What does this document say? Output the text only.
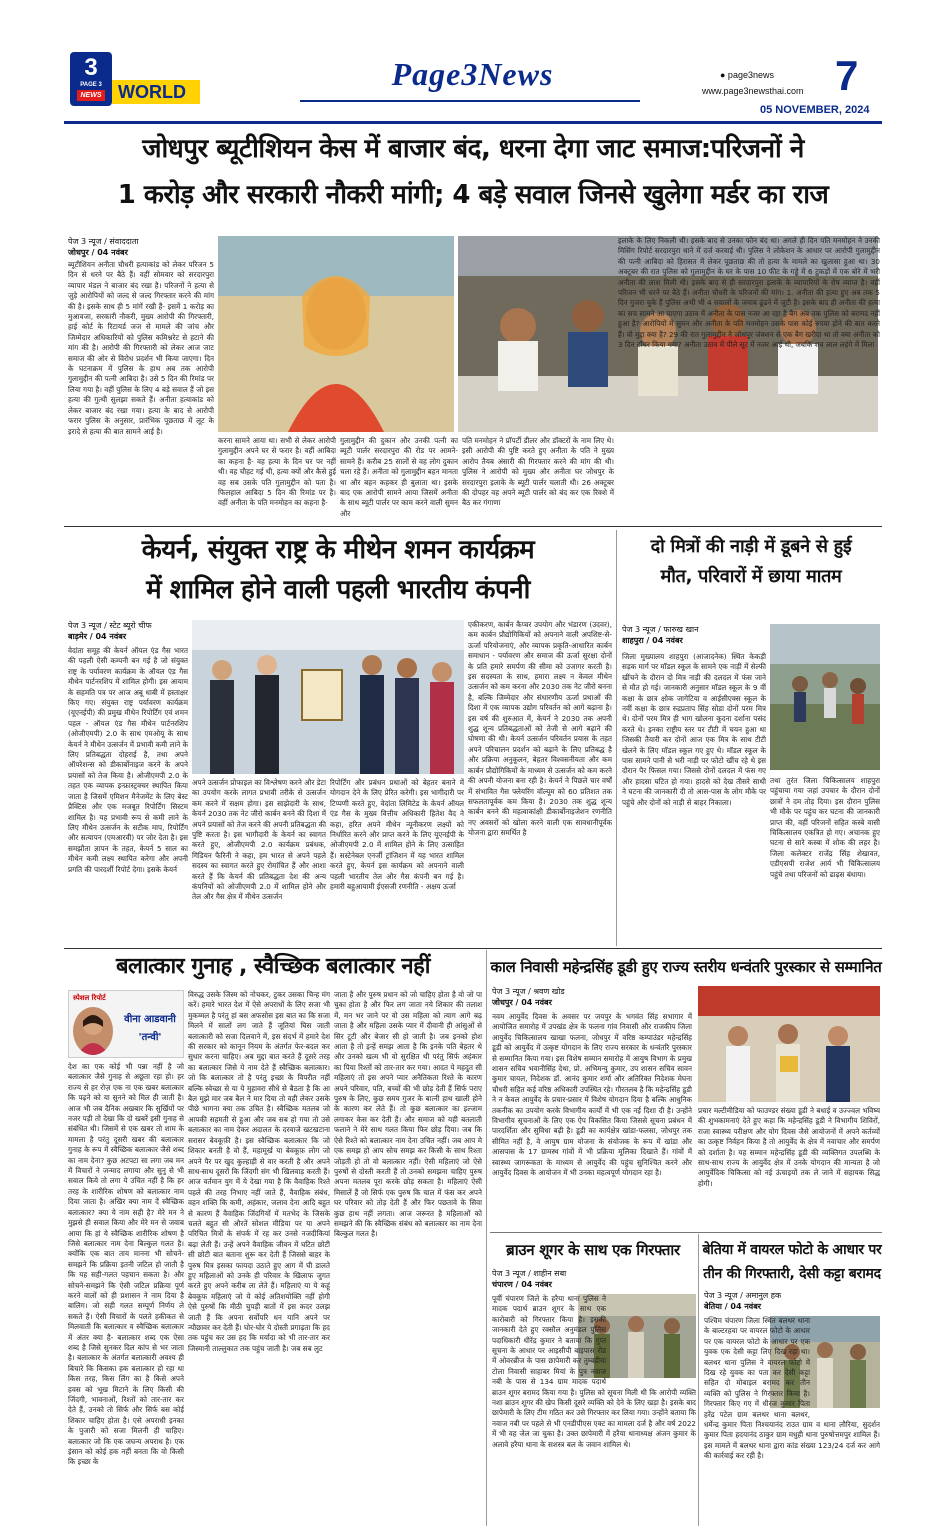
3
PAGE 3
NEWS WORLD	Page3News	● page3news
www.page3newsthai.com 7
05 NOVEMBER, 2024
जोधपुर ब्यूटीशियन केस में बाजार बंद, धरना देगा जाट समाज:परिजनों ने
1 करोड़ और सरकारी नौकरी मांगी; 4 बड़े सवाल जिनसे खुलेगा मर्डर का राज
पेज 3 न्यूज / संवाददाता
जोधपुर / 04 नवंबर
ब्यूटीशियन अनीता चौधरी हत्याकांड को लेकर परिजन 5 दिन से धरने पर बैठे हैं। वहीं सोमवार को सरदारपुरा व्यापार मंडल ने बाजार बंद रखा है। परिजनों ने हत्या से जुड़े आरोपियों को जल्द से जल्द गिरफ्तार करने की मांग की है। इसके साथ ही 5 मांगें रखी हैं- इसमें 1 करोड़ का मुआवजा, सरकारी नौकरी, मुख्य आरोपी की गिरफ्तारी, हाई कोर्ट के रिटायर्ड जज से मामले की जांच और जिम्मेदार अधिकारियों को पुलिस कमिश्नरेट से हटाने की मांग की है। आरोपी की गिरफ्तारी को लेकर आज जाट समाज की ओर से विरोध प्रदर्शन भी किया जाएगा। दिन के घटनाक्रम में पुलिस के हाथ अब तक आरोपी गुलामुद्दीन की पत्नी आबिदा है। उसे 5 दिन की रिमांड पर लिया गया है। वहीं पुलिस के लिए 4 बड़े सवाल हैं जो इस हत्या की गुत्थी सुलझा सकते हैं। अनीता हत्याकांड को लेकर बाजार बंद रखा गया। हत्या के बाद से आरोपी फरार पुलिस के अनुसार, प्रारंभिक पूछताछ में लूट के इरादे से हत्या की बात सामने आई है।
करना सामने आया था। सभी से लेकर आरोपी गुलामुद्दीन अपने घर से फरार है। वहीं आबिदा का कहना है- वह हत्या के दिन घर पर नहीं थी। वह चौहट गई थी, हत्या क्यों और कैसे हुई वह सब उसके पति गुलामुद्दीन को पता है। फिलहाल आबिदा 5 दिन की रिमांड पर है। वहीं अनीता के पति मनमोहन का कहना है-
गुलामुद्दीन की दुकान और उनकी पत्नी का ब्यूटी पार्लर सरदारपुरा की रोड पर आमने-सामने हैं। करीब 25 सालों से वह लोग दुकान चला रहे हैं। अनीता को गुलामुद्दीन बहन मानता था और बहन कहकर ही बुलाता था। इसके बाद एक आरोपी सामने आया जिसमें अनीता के साथ ब्यूटी पार्लर पर काम करने वाली सुमन और
पति मनमोहन ने प्रॉपर्टी डीलर और डॉक्टरों के नाम लिए थे। इसी आरोपी की पुष्टि करते हुए अनीता के पति ने मुख्य आरोप तैयब अंसारी की गिरफ्तार करने की मांग की थी। पुलिस ने आरोपी को मुख्य और अनीता घर जोधपुर के सरदारपुरा इलाके के ब्यूटी पार्लर चलाती थी। 26 अक्टूबर की दोपहर वह अपने ब्यूटी पार्लर को बंद कर एक रिक्शे में बैठ कर गंगाणा
इलाके के लिए निकली थी। इसके बाद से उनका फोन बंद था। अगले ही दिन पति मनमोहन ने उनकी मिसिंग रिपोर्ट सरदारपुरा थाने में दर्ज करवाई थी। पुलिस ने लोकेशन के आधार पर आरोपी गुलामुद्दीन की पत्नी आबिदा को हिरासत में लेकर पूछताछ की तो हत्या के मामले का खुलासा हुआ था। 30 अक्टूबर की रात पुलिस को गुलामुद्दीन के घर के पास 10 फीट के गड्ढे में 6 टुकड़ों में एक बोरे में भरी अनीता की लाश मिली थी। इसके बाद से ही सरदारपुरा इलाके के व्यापारियों के रोष व्याप्त है। वहीं परिजन भी धरने पर बैठे हैं। अनीता चौधरी के परिजनों की मांग। 1. अनीता की हत्या हुए अब तक 5 दिन गुजरा चुके हैं पुलिस अभी भी 4 सवालों के जवाब ढूंढने में जुटी है। इसके बाद ही अनीता की हत्या का सच सामने आ पाएगा उठाव में अनीता के पास नजर आ रहा है बैग अब तक पुलिस को बरामद नहीं हुआ है? आरोपियों में सुमन और अनीता के पति मनमोहन उसके पास कोई रुपया होने की बात करते हैं। वो मुद्दा क्या है? 29 की रात गुलामुद्दीन ने जोधपुर जंक्शन से एक बैग खरीदा था तो क्या अनीता को 3 दिन टॉचर किया गया? अनीता उठाव में पीले सूट में नजर आई थी, जबकि शव लाल लहंगे में मिला
केयर्न, संयुक्त राष्ट्र के मीथेन शमन कार्यक्रम
में शामिल होने वाली पहली भारतीय कंपनी
पेज 3 न्यूज / स्टेट ब्यूरो चीफ
बाड़मेर / 04 नवंबर
वेदांता समूह की केयर्न ऑयल एंड गैस भारत की पहली ऐसी कम्पनी बन गई है जो संयुक्त राष्ट्र के पर्यावरण कार्यक्रम के ऑयल एंड गैस मीथेन पार्टनरशिप में शामिल होगी। इस आयाम के सहमति पत्र पर आज अबू धाबी में हस्ताक्षर किए गए। संयुक्त राष्ट्र पर्यावरण कार्यक्रम (यूएनईपी) की प्रमुख मीथेन रिपोर्टिंग एवं शमन पहल - ऑयल एंड गैस मीथेन पार्टनरशिप (ओजीएमपी) 2.0 के साथ एमओयू के साथ केयर्न ने मीथेन उत्सर्जन में प्रभावी कमी लाने के लिए प्रतिबद्धता दोहराई है, तथा अपने ऑपरेशन्स को डीकार्बोनाइज करने के अपने प्रयासों को तेज किया है। ओजीएमपी 2.0 के तहत एक व्यापक इन्फ्रास्ट्रक्चर स्थापित किया जाता है जिसमें एमिशन मैनेजमेंट के लिए बेस्ट प्रैक्टिस और एक मजबूत रिपोर्टिंग सिस्टम शामिल है। यह प्रभावी रूप से कमी लाने के लिए मीथेन उत्सर्जन के सटीक माप, रिपोर्टिंग और सत्यापन (एमआरवी) पर जोर देता है। इस समझौता ज्ञापन के तहत, केयर्न 5 साल का मीथेन कमी लक्ष्य स्थापित करेगा और अपनी प्रगति की पारदर्शी रिपोर्ट देगा। इसके केयर्न
अपने उत्सर्जन प्रोफाइल का विश्लेषण करने और डेटा का उपयोग करके लागत प्रभावी तरीके से उत्सर्जन कम करने में सक्षम होगा। इस साझेदारी के साथ, केयर्न 2030 तक नेट जीरो कार्बन बनने की दिशा में अपने प्रयासों को तेज करने की अपनी प्रतिबद्धता की पुष्टि करता है। इस भागीदारी के केयर्न का स्वागत करते हुए, ओजीएमपी 2.0 कार्यक्रम प्रबंधक, गिडियन फैरिनी ने कहा, हम भारत से अपने पहले सदस्य का स्वागत करते हुए रोमांचित हैं और आशा करते हैं कि केयर्न की प्रतिबद्धता देश की अन्य कंपनियों को ओजीएमपी 2.0 में शामिल होने और तेल और गैस क्षेत्र में मीथेन उत्सर्जन
रिपोर्टिंग और प्रबंधन प्रथाओं को बेहतर बनाने में योगदान देने के लिए प्रेरित करेगी। इस भागीदारी पर टिप्पणी करते हुए, वेदांता लिमिटेड के केयर्न ऑयल एंड गैस के मुख्य वित्तीय अधिकारी हितेश वैद ने कहा, हरित अपने मीथेन न्यूनीकरण लक्ष्यों को निर्धारित करने और प्राप्त करने के लिए यूएनईपी के ओजीएमपी 2.0 में शामिल होने के लिए उत्साहित हैं। सस्टेनेबल एनर्जी ट्रांजिशन में यह भारत शामिल करते हुए, केयर्न इस कार्यक्रम को अपनाने वाली पहली भारतीय तेल और गैस कंपनी बन गई है। हमारी बहुआयामी ईएसजी रणनीति - अक्षय ऊर्जा
एकीकरण, कार्बन कैप्चर उपयोग और भंडारण (उदवर), कम कार्बन प्रौद्योगिकियों को अपनाने वाली अपशिष्ट-से-ऊर्जा परियोजनाएं, और व्यापक प्रकृति-आधारित कार्बन समाधान - पर्यावरण और समाज की ऊर्जा सुरक्षा दोनों के प्रति हमारे समर्पण की सीमा को उजागर करती है। इस सदस्यता के साथ, हमारा लक्ष्य न केवल मीथेन उत्सर्जन को कम करना और 2030 तक नेट जीरो बनना है, बल्कि जिम्मेदार और संधारणीय ऊर्जा प्रथाओं की दिशा में एक व्यापक उद्योग परिवर्तन को आगे बढ़ाना है। इस वर्ष की शुरुआत में, केयर्न ने 2030 तक अपनी शुद्ध शून्य प्रतिबद्धताओं को तेजी से आगे बढ़ाने की घोषणा की थी। केयर्न उत्सर्जन परिवर्तन प्रयास के तहत अपने परिचालन प्रदर्शन को बढ़ाने के लिए प्रतिबद्ध है और प्रक्रिया अनुकूलन, बेहतर विश्वसनीयता और कम कार्बन प्रौद्योगिकियों के माध्यम से उत्सर्जन को कम करने की अपनी योजना बना रही है। केयर्न ने पिछले चार वर्षों में संभावित गैस फ्लेयरिंग वॉल्यूम को 60 प्रतिशत तक सफलतापूर्वक कम किया है। 2030 तक शुद्ध शून्य कार्बन बनने की महत्वाकांक्षी डीकार्बोनाइजेशन रणनीति नए अवसरों को खोला करने वाली एक सावधानीपूर्वक योजना द्वारा समर्थित है
दो मित्रों की नाड़ी में डूबने से हुई
मौत, परिवारों में छाया मातम
पेज 3 न्यूज / फारुख खान
शाहपुरा / 04 नवंबर
जिला मुख्यालय शाहपुरा (आजादनेक) स्थित केकड़ी सड़क मार्ग पर मॉडल स्कूल के सामने एक नाड़ी में सेल्फी खींचने के दौरान दो मित्र नाड़ी की दलदल में फंस जाने से मौत हो गई। जानकारी अनुसार मॉडल स्कूल के 9 वीं कक्षा के छात्र क्षोक जागेटिया व आईसीएक्स स्कूल के नवीं कक्षा के छात्र रुद्रप्रताप सिंह सोडा दोनों परम मित्र थे। दोनों परम मित्र ही भाग खोलना कूदना दर्शाना पसंद करते थे। इनका राष्ट्रीय स्तर पर टीटी में चयन हुआ था जिसकी तैयारी कर दोनों आज एक मित्र के साथ टीटी खेलने के लिए मॉडल स्कूल गए हुए थे। मॉडल स्कूल के पास सामने पानी से भरी नाड़ी पर फोटो खींच रहे थे इस दौरान पैर फिसल गया। जिससे दोनों दलदल में फंस गए और हादसा घटित हो गया। हादसे को देख तीसरे साथी ने घटना की जानकारी दी तो आस-पास के लोग मौके पर पहुंचे और दोनों को नाड़ी से बाहर निकाला।
तथा तुरंत जिला चिकित्सालय शाहपुरा पहुंचाया गया जहां उपचार के दौरान दोनों छात्रों ने दम तोड़ दिया। इस दौरान पुलिस भी मौके पर पहुंच कर घटना की जानकारी प्राप्त की, वहीं परिजनों सहित कस्बे वासी चिकित्सालय एकत्रित हो गए। अचानक हुए घटना से सारे कस्बा में शोक की लहर है। जिला कलेक्टर राजेंद्र सिंह शेखावत, एडीएसपी राजेश आर्य भी चिकित्सालय पहुंचे तथा परिजनों को ढाढ़स बंधाया।
बलात्कार गुनाह , स्वैच्छिक बलात्कार नहीं
स्पेशल रिपोर्ट
वीना आडवानी
'तन्वी'
देश का एक कोई भी पन्ना नहीं है जो बलात्कार जैसे गुनाह से अछूता रहा हो। हर राज्य से हर रोज़ एक ना एक खबर बलात्कार कि पढ़ने को या सुनने को मिल ही जाती है। आज भी जब दैनिक अखबार कि सुर्खियों पर नजर पड़ी तो देखा कि दो खबरें इसी गुनाह से संबंधित थी। जिसमें से एक खबर तो शाम के मामला है परंतु दूसरी खबर की बलात्कार गुनाह के रूप में स्वैच्छिक बलात्कार जैसे शब्द का नाम देना? कुछ अटपटा सा लगा जब मन में विचारों ने जन्माद लगाया और सुनु से भी सवाल किये तो लगा ये उचित नहीं है कि हर तरह के शारीरिक शोषण को बलात्कार नाम दिया जाता है। अखिर क्या नाम दें स्वैच्छिक बलात्कार? क्या ये नाम सही है? मेरे मन ने मुझसे ही सवाल किया और मेरे मन से जवाब आया कि हां ये स्वैच्छिक शारीरिक शोषण है जिसे बलात्कार नाम देना बिल्कुल गलत है। क्योंकि एक बात ताय मानना भी सोचने-समझने कि प्रक्रिया इतनी जटिल हो जाती है कि यह सही-गलत पहचान सकता है। और सोचने-समझने कि ऐसी जटिल प्रक्रिया पूर्ण करने वालों को ही प्रशासन ने नाम दिया है बालिग। जो सही गलत सम्पूर्ण निर्णय ले सकते हैं। ऐसी विचारों के पलते हकीकत से मिलवाती कि बलात्कार व स्वैच्छिक बलात्कार में अंतर क्या है- बलात्कार शब्द एक ऐसा शब्द है जिसे सुनकर दिल कांप से भर जाता है। बलात्कार के अंतर्गत बलात्कारी अवश्य ही बिचारे कि किसका हक बलात्कार हो रहा था किस तरह, किस लिंग का है किसे अपने हवस को भूख मिटाने के लिए किसी की जिंदगी, भावनाओं, रिश्तों को तार-तार कर देते हैं, उनको तो सिर्फ और सिर्फ बस कोई शिकार चाहिए होता है। एसे अपराधी इनका के पुजारी को सजा मिलनी ही चाहिए। बलात्कार जो कि एक जघन्य अपराध है। एक इंसान को कोई हक नहीं बनता कि वो किसी कि इच्छा के
विरुद्ध उसके जिस्म को नोचकर, टुकर उसका चिन्ह मंग करें। हमारे भारत देश में ऐसे अपराधों के लिए सजा भी मुकम्मल है परंतु हां बस अफसोस इस बात का कि सजा मिलने में सालों लग जाते हैं जूतियां घिस जाती बलात्कारी को सजा दिलवाने में, इस संदर्भ में हमारे देश की सरकार को कानून नियम के अंतर्गत फेर-बदल कर सुधार करना चाहिए। अब मुद्दा बात करते हैं दूसरे तरह का बलात्कार जिसे ये नाम देते हैं स्वैच्छिक बलात्कार। जो कि बलात्कार तो है परंतु इच्छा के विपरीत नहीं बल्कि स्वेच्छा से या ये मुहावरा सीधे से बैठता है कि आ बैल मुझे मार जब बैल ने मार दिया तो वही लेकर उसके पीछे भागना क्या तक उचित है। स्वैच्छिक मतलब जो आपकी सहमती से हुआ और जब सब हो गया तो उसे बलात्कार का नाम देकर अदालत के दरवाजे खटखटाना सरासर बेवकूफ़ी है। इस स्वैच्छिक बलात्कार कि जो शिकार बनती है वो हैं, महामूर्ख या बेवकूफ़ लोग जो अपने पैर पर खुद कुल्हाड़ी से वार करती है और अपने साथ-साथ दूसरों कि जिंदगी संग भी खिलवाड़ करती हैं। आज वर्तमान युग में ये देखा गया है कि वैवाहिक रिश्ते पहले की तरह निभाए नहीं जाते हैं, वैवाहिक संबंध, वहन शक्ति कि कमी, अहंकार, जलाव देना आदि बहुत से कारण हैं वैवाहिक जिंदगियों में मतभेद के जिसके चलते बहुत सी औरतें सोशल मीडिया पर या अपने परिचित मित्रों के संपर्क में रह कर उनसे नजदीकियां बढ़ा लेती हैं। उन्हें अपने वैवाहिक जीवन में घटित छोटी सी छोटी बात बताना शुरू कर देती हैं जिससे बाहर के पुरुष मित्र इसका फायदा उठाते हुए आग में घी डालते हुए महिलाओं को उनके ही परिवार के खिलाफ जुगत करते हुए अपने करीब ला लेते हैं। महिलाएं या ये कहूं बेवकूफ महिलाएं जो ये कोई अतिशयोक्ति नहीं होगी ऐसे पुरुषों कि मीठी चुपड़ी बातों में इस कदर उलझ जाती हैं कि अपना सर्वोपरि धन यानि अपने पर न्यौछावर कर देती हैं। घोर-घोर ये दोस्ती प्रगाढ़ता कि हद तक पहुंच कर उस हद कि मर्यादा को भी तार-तार कर जिस्मानी ताल्लुकात तक पहुंच जाती है। जब सब लुट
जाता है और पुरुष प्रधान को जो चाहिए होता है वो जो पा चुका होता है और फिर लग जाता नये शिकार की तलाश में, मन भर जाने पर वो उस महिला को त्याग आगे बढ़ जाता है और महिला उसके प्यार में दीवानी ही आंसुओं से सिर टूटी और बेजार सी हो जाती है। जब इनको होश आता है तो इन्हें समझ आता है कि इनके पति बेहतर थे और उनको खत्म भी वो सुरक्षित थी परंतु सिर्फ अहंकार का पिया रिश्तों को तार-तार कर गया। आदत ये महदुत सी महिलाएं तो इस अपने प्यार अनैतिकता रिश्ते के कारण अपने परिवार, पति, बच्चों की भी छोड़ देती हैं सिर्फ पराए पुरुष के लिए, कुछ समय गुजर के बात्नी हाथ खाली होने के कारण कर लेते हैं। तो कुछ बलात्कार का इल्जाम लगाकर केस कर देती हैं। और समाज को यही बतलाती फलाने ने मेरे साथ गलत किया फिर छोड़ दिया। जब कि ऐसे रिश्ते को बलात्कार नाम देना उचित नहीं। जब आप मे एक समझ हो आप सोच समझ कर किसी के साथ रिश्ता जोड़ती हो तो वो बलात्कार नहीं। ऐसी महिलाएं जो ऐसे पुरुषों से दोस्ती करती हैं तो उनको समझना चाहिए पुरुष अपना मतलब पूरा करके छोड़ सकता है। महिलाएं ऐसी मिसालें हैं जो सिर्फ एक पुरुष कि चाल में फंस कर अपने घर परिवार को तोड़ देती हैं और फिर पछतावे के सिवा कुछ हाथ नहीं लगता। आज जरूरत है महिलाओं को समझने की कि स्वैच्छिक संबंध को बलात्कार का नाम देना बिल्कुल गलत है।
काल निवासी महेन्द्रसिंह डूडी हुए राज्य स्तरीय धन्वंतरि पुरस्कार से सम्मानित
पेज 3 न्यूज / श्रवण खोड
जोधपुर / 04 नवंबर
नवम आयुर्वेद दिवस के अवसर पर जयपुर के भगवंत सिंह सभागार में आयोजित समारोह में उपखंड क्षेत्र के फलना गांव निवासी और राजकीय जिला आयुर्वेद चिकित्सालय खाखा फलना, जोधपुर में वरिष्ठ कम्पाउंडर महेन्द्रसिंह डूडी को आयुर्वेद में उत्कृष्ट योगदान के लिए राज्य सरकार के धन्वंतरि पुरस्कार से सम्मानित किया गया। इस विशेष सम्मान समारोह में आयुष विभाग के प्रमुख शासन सचिव भवानीसिंह देथा, प्रो. अभिमन्यु कुमार, उप शासन सचिव सावन कुमार चायल, निदेशक डॉ. आनंद कुमार शर्मा और अतिरिक्त निदेशक मेघना चौधरी सहित कई वरिष्ठ अधिकारी उपस्थित रहे। गौरतलब है कि महेन्द्रसिंह डूडी ने न केवल आयुर्वेद के प्रचार-प्रसार में विशेष योगदान दिया है बल्कि आधुनिक तकनीक का उपयोग करके विभागीय कार्यों में भी एक नई दिशा दी है। उन्होंने विभागीय सूचनाओं के लिए एक ऐप विकसित किया जिससे सूचना प्रबंधन में पारदर्शिता और सुविधा बढ़ी है। डूडी का कार्यक्षेत्र खांडा-फलसा, जोधपुर तक सीमित नहीं है, वे आयुष ग्राम योजना के संयोजक के रूप में खांडा और आसपास के 17 ग्रामस्थ गांवों में भी प्रक्रिया मूलिका दिखाते हैं। गांवों में स्वास्थ्य जागरूकता के माध्यम से आयुर्वेद की पहुंच सुनिश्चित करने और आयुर्वेद दिवस के आयोजन में भी उनका महत्वपूर्ण योगदान रहा है।
प्रचार मल्टीमीडिया को फाउण्डर संख्या डूडी ने बधाई व उज्ज्वल भविष्य की शुभकामनाएं देते हुए कहा कि महेन्द्रसिंह डूडी ने विभागीय शिविरों, राजा स्वास्थ्य परीक्षण और योग दिवस जैसे आयोजनों में अपने कर्तव्यों का उत्कृष्ट निर्वहन किया है तो आयुर्वेद के क्षेत्र में नवाचार और समर्पण को दर्शाता है। यह सम्मान महेन्द्रसिंह डूडी की व्यक्तिगत उपलब्धि के साथ-साथ राज्य के आयुर्वेद क्षेत्र में उनके योगदान की मान्यता है जो आयुर्वेदिक चिकित्सा को नई ऊंचाइयों तक ले जाने में सहायक सिद्ध होगी।
ब्राउन शूगर के साथ एक गिरफ्तार
पेज 3 न्यूज / शाहीन सबा
चंपारण / 04 नवंबर
पूर्वी चंपारण जिले के हरैया थाना पुलिस ने मादक पदार्थ ब्राउन शूगर के साथ एक कारोबारी को गिरफ्तार किया है। इसकी जानकारी देते हुए रक्सौल अनुमंडल पुलिस पदाधिकारी धीरेंद्र कुमार ने बताया कि गुप्त सूचना के आधार पर आइसीपी बाइपास रोड में ओवरब्रीज के पास छापेमारी कर तुम्बडीया टोला निवासी साहाबर मियां के पुत्र नवाज नबी के पास से 134 ग्राम मादक पदार्थ ब्राउन शूगर बरामद किया गया है। पुलिस को सूचना मिली थी कि आरोपी व्यक्ति नशा ब्राउन शूगर की खेप किसी दूसरे व्यक्ति को देने के लिए खड़ा है। इसके बाद छापेमारी के लिए टीम गठित कर उसे गिरफ्तार कर लिया गया। उन्होंने बताया कि नवाज नबी पर पहले से भी एनडीपीएस एक्ट का मामला दर्ज है और वर्ष 2022 में भी वह जेल जा चुका है। उक्त छापेमारी में हरैया थानाध्यक्ष अंजन कुमार के अलावे हरैया थाना के सशस्त्र बल के जवान शामिल थे।
बेतिया में वायरल फोटो के आधार पर
तीन की गिरफ्तारी, देसी कट्टा बरामद
पेज 3 न्यूज / अमानुल हक
बेतिया / 04 नवंबर
पश्चिम चंपारण जिला स्थित बलथर थाना के बाल्टरहवा पर वायरल फोटो के आधार पर एक वायरल फोटो के आधार पर एक युवक एक देसी कट्टा लिए दिख रहा था। बलथर थाना पुलिस ने वायरल फोटो में दिख रहे युवक का पता कर देसी कट्टा सहित दो मोबाइल बरामद कर तीन व्यक्ति को पुलिस ने गिरफ्तार किया है। गिरफ्तार किए गए में धीरज कुमार पिता हरेंद्र पटेल ग्राम बलथर थाना बलथर, धर्मेन्द्र कुमार पिता निश्चयानंद राउत ग्राम व थाना लौरिया, सुदर्शन कुमार पिता हदयानंद ठाकुर ग्राम मधुही थाना पुरुषोत्तमपुर शामिल हैं। इस मामले में बलथर थाना द्वारा कांड संख्या 123/24 दर्ज कर आगे की कार्रवाई कर रही है।
